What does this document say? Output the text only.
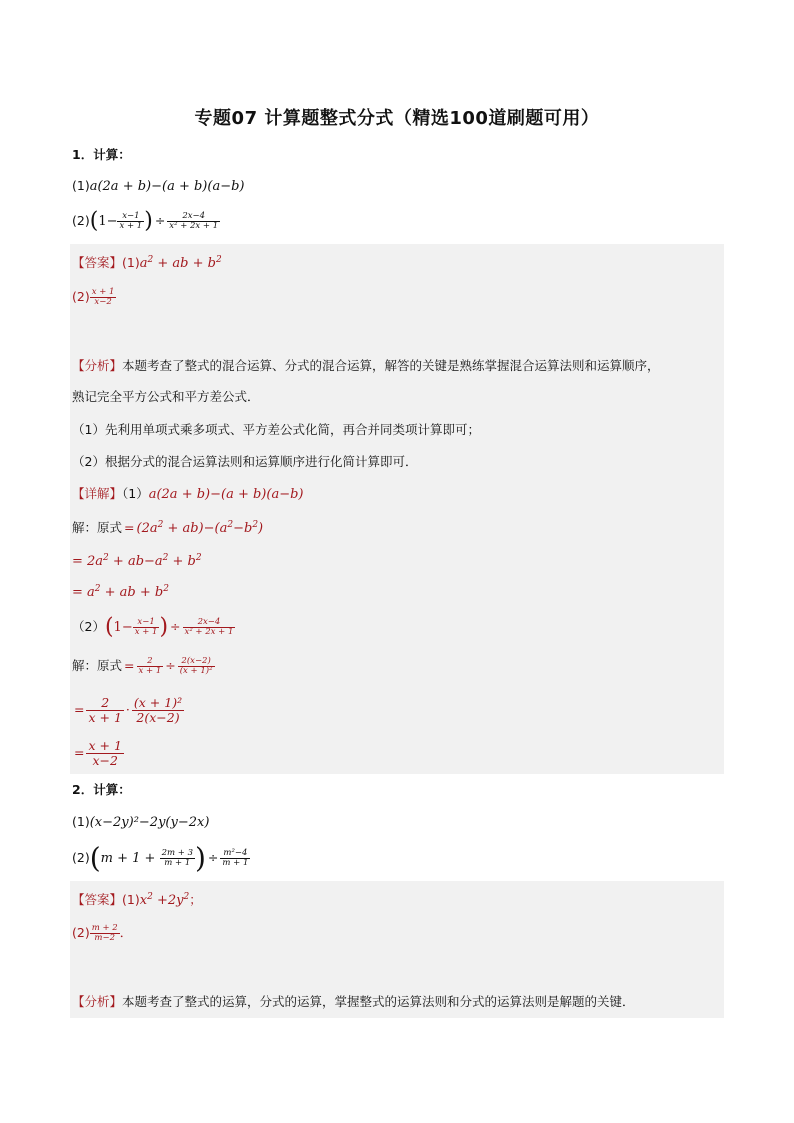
专题07 计算题整式分式（精选100道刷题可用）
1．计算：
(1)a(2a + b)−(a + b)(a−b)
$(2)(1- \frac{x-1}{x + 1}$ ) ÷ $\frac{2x-4}{\text{x² + 2x + 1}}$
【答案】$(1)a^2$ + ab + $b^2$
$(2) \frac{x + 1}{x-2}$
【分析】本题考查了整式的混合运算、分式的混合运算，解答的关键是熟练掌握混合运算法则和运算顺序，
熟记完全平方公式和平方差公式．
（1）先利用单项式乘多项式、平方差公式化简，再合并同类项计算即可；
（2）根据分式的混合运算法则和运算顺序进行化简计算即可．
【详解】（1）a(2a + b)−(a + b)(a−b)
解：原式 = $(2a^2 + ab)-(a^2-b^2)$
= $2a^2 + ab-a^2 + b^2$
= $a^2$ + ab + $b^2$
$(2)(1- \frac{x-1}{x + 1}$ ) ÷ $\frac{2x-4}{\text{x² + 2x + 1}}$
解：原式 = $\frac{2}{x + 1} \div \frac{2(x-2)}{\text{(x + 1)²}}$
= $\frac{2}{x + 1} \cdot \frac{\text{(x + 1)²}}{2(x-2)}$
= $\frac{x + 1}{x-2}$
2．计算：
(1)(x−2y)²−2y(y−2x)
$(2)(m + 1 + \frac{2m + 3}{m + 1}$ ) ÷ $\frac{\text{m²−4}}{m + 1}$
【答案】$(1)x^2 +2y^2$；
$(2) \frac{m + 2}{m-2}$ ．
【分析】本题考查了整式的运算，分式的运算，掌握整式的运算法则和分式的运算法则是解题的关键．
